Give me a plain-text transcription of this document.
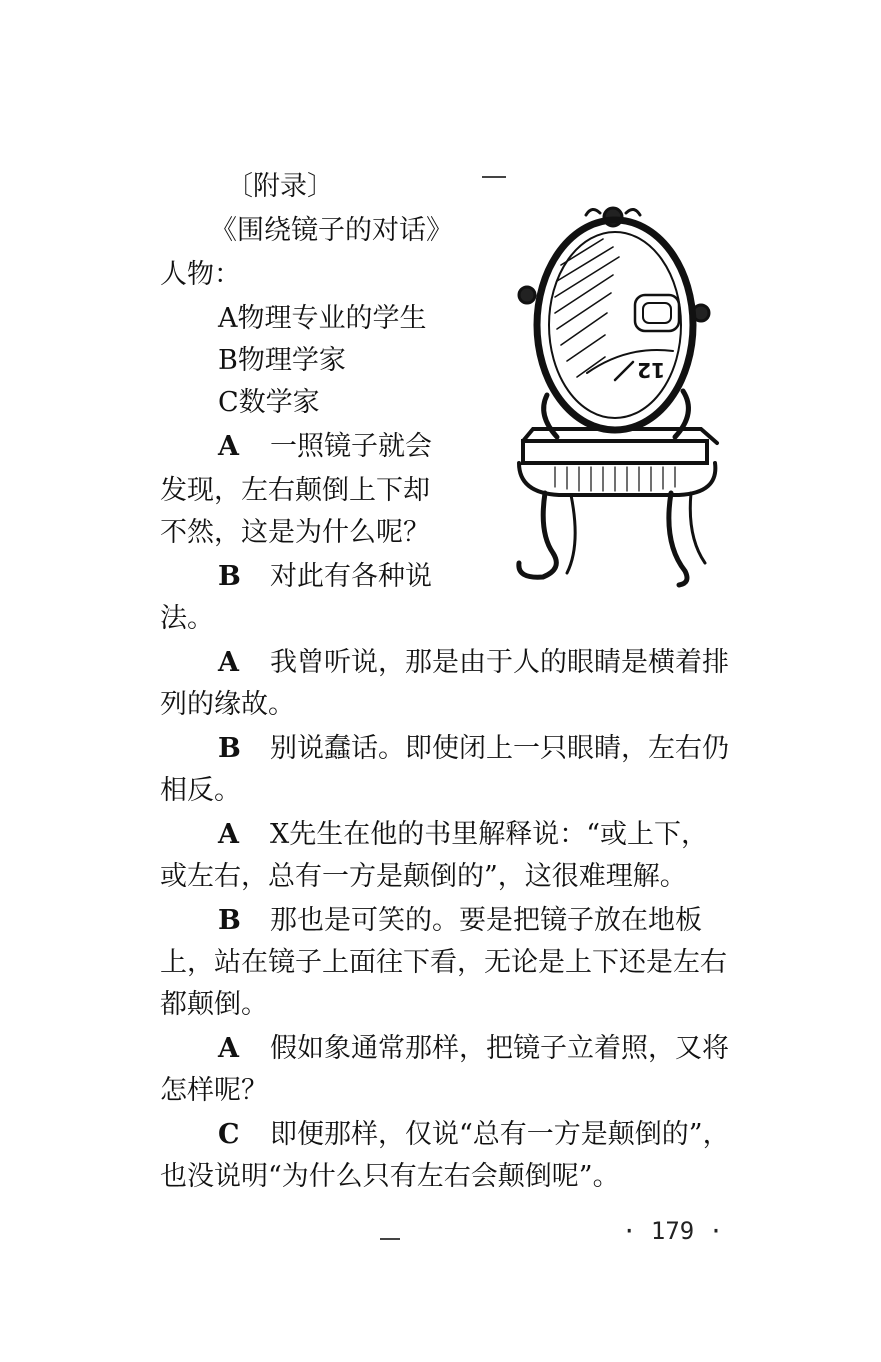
〔附录〕
《围绕镜子的对话》
人物：
A物理专业的学生
B物理学家
C数学家
A 一照镜子就会
发现，左右颠倒上下却
不然，这是为什么呢？
B 对此有各种说
法。
A 我曾听说，那是由于人的眼睛是横着排
列的缘故。
B 别说蠢话。即使闭上一只眼睛，左右仍
相反。
A X先生在他的书里解释说：“或上下，
或左右，总有一方是颠倒的”，这很难理解。
B 那也是可笑的。要是把镜子放在地板
上，站在镜子上面往下看，无论是上下还是左右
都颠倒。
A 假如象通常那样，把镜子立着照，又将
怎样呢？
C 即便那样，仅说“总有一方是颠倒的”，
也没说明“为什么只有左右会颠倒呢”。
12
· 179 ·
